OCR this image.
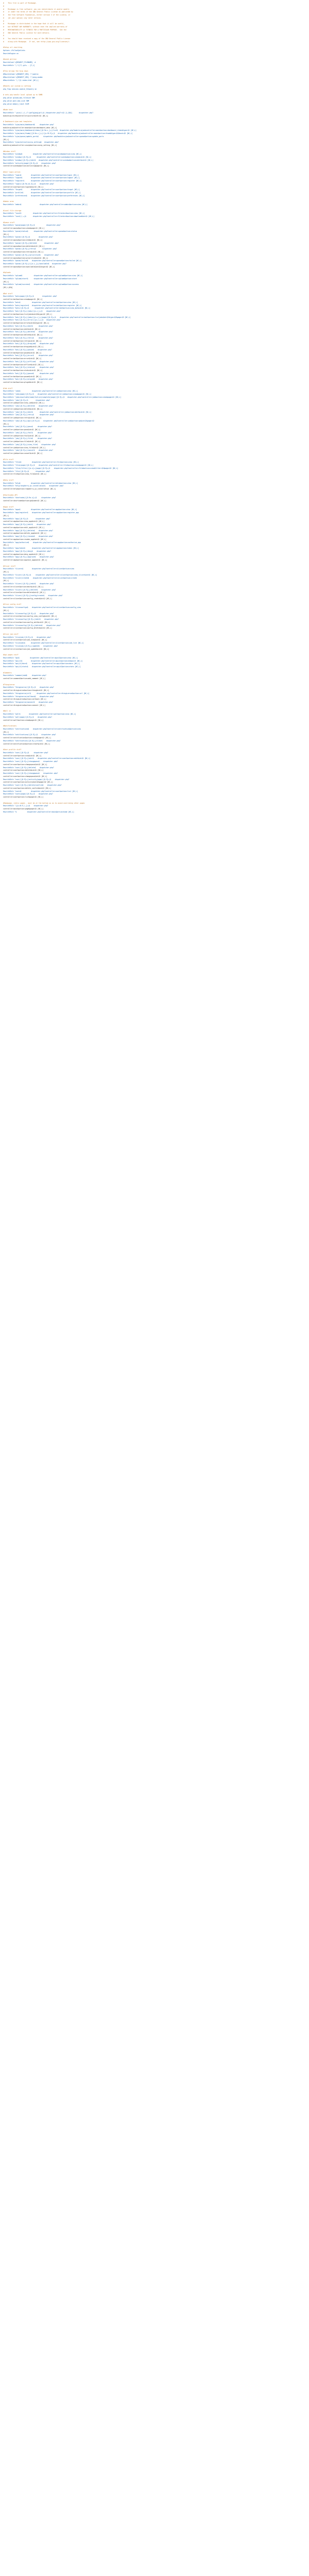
#    This file is part of Mindpage.
#
#    Mindpage is free software: you can redistribute it and/or modify
#    it under the terms of the GNU General Public License as published by
#    the Free Software Foundation, either version 3 of the License, or
#    (at your option) any later version.
#
#    Mindpage is distributed in the hope that it will be useful,
#    but WITHOUT ANY WARRANTY; without even the implied warranty of
#    MERCHANTABILITY or FITNESS FOR A PARTICULAR PURPOSE.  See the
#    GNU General Public License for more details.
#
#    You should have received a copy of the GNU General Public License
#    along with Mindpage.  If not, see <http://www.gnu.org/licenses/>.
#Setup url-rewriting
Options +FollowSymlinks
RewriteEngine on
#Avoid git/svn
RewriteCond %{REQUEST_FILENAME} -d
RewriteRule ^(.*/)?\.git+ - [F,L]
#This brings the Gzip down
#RewriteCond %{REQUEST_URI} !^/public
#RewriteCond %{REQUEST_URI} !^/ping-modem
#RewriteRule ^(.*)$ index.html [NC,L]
#Resets our custom ui setting
php_flag session.cookie_httponly on
# sets php handle local upload up to 50MB
php_value upload_max_filesize 50M
php_value post_max_size 50M
php_value memory_limit 512M
#Nuke host
RewriteRule ^.pics/(.+\.(?:jpe?g|png|gif))$ /dispatcher.php?r=$1 [L,QSA]       dispatcher.php?
module=picture&controller=picture&ret=$1 [NC,L]
# Dashboard ajax and templates
RewriteRule ^ajax/main/dashboard$     dispatcher.php?
module=ajax&controller=main&action=dashboard_data [NC,L]
RewriteRule ^ajax/main/dashboard/items/([0-9a-z_]+)/list$  dispatcher.php?module=ajax&controller=main&action=dashboard_items&type=$1 [NC,L]
RewriteRule ^ajax/main/thumb/([0-9a-z_]+)/([a-f0-9]+)$   dispatcher.php?module=ajax&controller=main&action=thumb&type=$1&hash=$2 [NC,L]
RewriteRule ^ajax/queue/update_ports$     dispatcher.php?module=ajax&controller=queue&action=update_ports
[NC,L]
RewriteRule ^ajax/extract/unzip_setting$   dispatcher.php?
module=ajax&controller=unzip&action=unzip_setting [NC,L]
#Window stuff
RewriteRule ^window$           dispatcher.php?controller=window&action=view [NC,L]
RewriteRule ^window/([0-9]+)$      dispatcher.php?controller=window&action=view&id=$1 [NC,L]
RewriteRule ^window/([0-9]+)/edit$   dispatcher.php?controller=window&action=edit&id=$1 [NC,L]
RewriteRule ^activity/page/([0-9]+)$    dispatcher.php?
controller=window&action=activity&page=$1 [NC,L]
#User login action
RewriteRule ^login$          dispatcher.php?controller=user&action=login [NC,L]
RewriteRule ^logout$         dispatcher.php?controller=user&action=logout [NC,L]
RewriteRule ^register$       dispatcher.php?controller=user&action=register [NC,L]
RewriteRule ^login/([0-9a-zA-Z]+)$    dispatcher.php?
controller=user&action=login&key=$1 [NC,L]
RewriteRule ^forgot$         dispatcher.php?controller=user&action=forgot [NC,L]
RewriteRule ^profile$        dispatcher.php?controller=user&action=profile [NC,L]
RewriteRule ^preferences$    dispatcher.php?controller=user&action=preferences [NC,L]
#Admin area
RewriteRule ^admin$                   dispatcher.php?controller=admin&action=view [NC,L]
#Local file storage
RewriteRule ^local$            dispatcher.php?controller=filestore&action=view [NC,L]
RewriteRule ^local/(.+)$       dispatcher.php?controller=filestore&action=download&id=$1 [NC,L]
#Queue stuff
RewriteRule ^queue/page/([0-9]+)$            dispatcher.php?
controller=queue&action=view&page=$1 [NC,L]
RewriteRule ^queue/status$      dispatcher.php?controller=queue&action=status
[NC,L]
RewriteRule ^queue/([0-9]+)$         dispatcher.php?
controller=queue&action=item&id=$1 [NC,L]
RewriteRule ^queue/([0-9]+)/delete$        dispatcher.php?
controller=queue&action=delete&id=$1 [NC,L]
RewriteRule ^queue/([0-9]+)/retry$       dispatcher.php?
controller=queue&action=retry&id=$1 [NC,L]
RewriteRule ^queue/([0-9]+)/prioritize$    dispatcher.php?
controller=queue&action=prioritize&id=$1 [NC,L]
RewriteRule ^queue/failed$    dispatcher.php?controller=queue&action=failed [NC,L]
RewriteRule ^queue/([0-9]+)/([a-z_]+)/available$   dispatcher.php?
controller=queue&action=available&id=$1&type=$2 [NC,L]
#Uploads
RewriteRule ^upload$            dispatcher.php?controller=upload&action=view [NC,L]
RewriteRule ^upload/start$      dispatcher.php?controller=upload&action=start
[NC,L]
RewriteRule ^upload/success$    dispatcher.php?controller=upload&action=success
[NC,L,QSA]
#Bot stuff
RewriteRule ^bots/page/([0-9]+)$         dispatcher.php?
controller=bot&action=view&page=$1 [NC,L]
RewriteRule ^bots$            dispatcher.php?controller=bot&action=view [NC,L]
RewriteRule ^bots/register$   dispatcher.php?controller=bot&action=register [NC,L]
RewriteRule ^bots/([0-9]+)$      dispatcher.php?controller=bot&action=view_bot&id=$1 [NC,L]
RewriteRule ^bot/([0-9]+)/jobs/([a-z_]+)$    dispatcher.php?
controller=bot&action=listjobs&id=$1&type=$2 [NC,L]
RewriteRule ^bot/([0-9]+)/jobs/([a-z_]+)/page/([0-9]+)$    dispatcher.php?controller=bot&action=listjobs&id=$1&type=$2&page=$3 [NC,L]
RewriteRule ^bot/([0-9]+)/error/([a-z_]+)$   dispatcher.php?
controller=bot&action=error&id=$1&type=$2 [NC,L]
RewriteRule ^bot/([0-9]+)/edit$      dispatcher.php?
controller=bot&action=edit&id=$1 [NC,L]
RewriteRule ^bot/([0-9]+)/delete$    dispatcher.php?
controller=bot&action=delete&id=$1 [NC,L]
RewriteRule ^bot/([0-9]+)/retry$     dispatcher.php?
controller=bot&action=retry&id=$1 [NC,L]
RewriteRule ^bot/([0-9]+)/dropjob$    dispatcher.php?
controller=bot&action=dropjob&id=$1 [NC,L]
RewriteRule ^bot/([0-9]+)/pause$    dispatcher.php?
controller=bot&action=pause&id=$1 [NC,L]
RewriteRule ^bot/([0-9]+)/error$     dispatcher.php?
controller=bot&action=error&id=$1 [NC,L]
RewriteRule ^bot/([0-9]+)/offline$    dispatcher.php?
controller=bot&action=offline&id=$1 [NC,L]
RewriteRule ^bot/([0-9]+)/status$     dispatcher.php?
controller=bot&action=status&id=$1 [NC,L]
RewriteRule ^bot/([0-9]+)/pause$      dispatcher.php?
controller=bot&action=pause&id=$1 [NC,L]
RewriteRule ^bot/([0-9]+)/played$    dispatcher.php?
controller=bot&action=played&id=$1 [NC,L]
#Job stuff
RewriteRule ^jobs$            dispatcher.php?controller=job&action=view [NC,L]
RewriteRule ^jobs/page/([0-9]+)$    dispatcher.php?controller=job&action=view&page=$1 [NC,L]
RewriteRule ^jobs/available/name/failure/complete/page/([0-9]+)$   dispatcher.php?controller=job&action=view&page=$1 [NC,L]
RewriteRule ^job/([0-9]+)$        dispatcher.php?
controller=job&action=view_job&id=$1 [NC,L]
RewriteRule ^job/([0-9]+)/delete$    dispatcher.php?
controller=job&action=delete&id=$1 [NC,L]
RewriteRule ^job/([0-9]+)/edit$       dispatcher.php?controller=job&action=edit&id=$1 [NC,L]
RewriteRule ^job/([0-9]+)/retry$      dispatcher.php?
controller=job&action=retry&id=$1 [NC,L]
RewriteRule ^job/([0-9]+)/qa/([0-9]+)$    dispatcher.php?controller=job&action=qa&id=$1&page=$2
[NC,L]
RewriteRule ^job/([0-9]+)/pass$     dispatcher.php?
controller=job&action=pass&id=$1 [NC,L]
RewriteRule ^job/([0-9]+)/fail$     dispatcher.php?
controller=job&action=fail&id=$1 [NC,L]
RewriteRule ^job/([0-9]+)/file$     dispatcher.php?
controller=job&action=file&id=$1 [NC,L]
RewriteRule ^job/([0-9]+)/view_file$    dispatcher.php?
controller=job&action=view_file&id=$1 [NC,L]
RewriteRule ^job/([0-9]+)/cancel$    dispatcher.php?
controller=job&action=cancel&id=$1 [NC,L]
#File stuff
RewriteRule ^files$           dispatcher.php?controller=file&action=view [NC,L]
RewriteRule ^files/page/([0-9]+)$    dispatcher.php?controller=file&action=view&page=$1 [NC,L]
RewriteRule ^files/filter/([a-z]+)/page/([0-9]+)$    dispatcher.php?controller=file&action=view&filter=$1&page=$2 [NC,L]
RewriteRule ^file/([0-9]+)$       dispatcher.php?
controller=file&action=view_file&id=$1 [NC,L]
#Help stuff
RewriteRule ^help$           dispatcher.php?controller=help&action=view [NC,L]
RewriteRule ^help/raspberry-pi-installation$    dispatcher.php?
controller=help&action=raspberry_pi_installation [NC,L]
#Shortcodes API
RewriteRule ^shortcode/([0-9a-z]+)$     dispatcher.php?
controller=shortcode&action=go&code=$1 [NC,L]
#Apps stuff
RewriteRule ^apps$           dispatcher.php?controller=app&action=view [NC,L]
RewriteRule ^app/register$    dispatcher.php?controller=app&action=register_app
[NC,L]
RewriteRule ^app/([0-9]+)$        dispatcher.php?
controller=app&action=view_app&id=$1 [NC,L]
RewriteRule ^app/([0-9]+)/edit$    dispatcher.php?
controller=app&action=edit_app&id=$1 [NC,L]
RewriteRule ^app/([0-9]+)/delete$    dispatcher.php?
controller=app&action=delete_app&id=$1 [NC,L]
RewriteRule ^app/([0-9]+)/revoke$    dispatcher.php?
controller=app&action=revoke_app&id=$1 [NC,L]
RewriteRule ^app/authorize$    dispatcher.php?controller=app&action=authorize_app
[NC,L]
RewriteRule ^app/token$       dispatcher.php?controller=app&action=token [NC,L]
RewriteRule ^app/([0-9]+)/deny$    dispatcher.php?
controller=app&action=deny_app&id=$1 [NC,L]
RewriteRule ^app/([0-9]+)/approve$    dispatcher.php?
controller=app&action=approve_app&id=$1 [NC,L]
#Slicer stuff
RewriteRule ^slicers$         dispatcher.php?controller=slicer&action=view
[NC,L]
RewriteRule ^slicer/([0-9]+)$     dispatcher.php?controller=slicer&action=view_slicer&id=$1 [NC,L]
RewriteRule ^slicer/create$    dispatcher.php?controller=slicer&action=create
[NC,L]
RewriteRule ^slicer/([0-9]+)/edit$    dispatcher.php?
controller=slicer&action=edit&id=$1 [NC,L]
RewriteRule ^slicer/([0-9]+)/delete$    dispatcher.php?
controller=slicer&action=delete&id=$1 [NC,L]
RewriteRule ^slicer/([0-9]+)/config/create$    dispatcher.php?
controller=slicer&action=config_create&id=$1 [NC,L]
#Slice config stuff
RewriteRule ^sliceconfigs$    dispatcher.php?controller=slicer&action=config_view
[NC,L]
RewriteRule ^sliceconfig/([0-9]+)$    dispatcher.php?
controller=slicer&action=config_view_config&id=$1 [NC,L]
RewriteRule ^sliceconfig/([0-9]+)/edit$    dispatcher.php?
controller=slicer&action=config_edit&id=$1 [NC,L]
RewriteRule ^sliceconfig/([0-9]+)/delete$    dispatcher.php?
controller=slicer&action=config_delete&id=$1 [NC,L]
#Slice job stuff
RewriteRule ^slicejob/([0-9]+)$    dispatcher.php?
controller=slicer&action=job_view&id=$1 [NC,L]
RewriteRule ^slicejobs$      dispatcher.php?controller=slicer&action=job_list [NC,L]
RewriteRule ^slicejob/([0-9]+)/update$    dispatcher.php?
controller=slicer&action=job_update&id=$1 [NC,L]
#Api pages stuff
RewriteRule ^api$           dispatcher.php?controller=apiv1&action=view [NC,L]
RewriteRule ^api/v1$         dispatcher.php?controller=apiv1&action=endpoint [NC,L]
RewriteRule ^api/v1/docs$     dispatcher.php?controller=apiv1&action=docs [NC,L]
RewriteRule ^api/v1/stats$    dispatcher.php?controller=apiv1&action=stats [NC,L]
#Comments
RewriteRule ^comment/add$     dispatcher.php?
controller=comment&action=add_comment [NC,L]
#Thingiverse
RewriteRule ^thingiverse/([0-9]+)$    dispatcher.php?
controller=thingiverse&action=thing&id=$1 [NC,L]
RewriteRule ^thingiverse/url$      dispatcher.php?controller=thingiverse&action=url [NC,L]
RewriteRule ^thingiverse/callback$    dispatcher.php?
controller=thingiverse&action=callback [NC,L]
RewriteRule ^thingiverse/connect$    dispatcher.php?
controller=thingiverse&action=connect [NC,L]
#Wall in
RewriteRule ^wall$         dispatcher.php?controller=wall&action=view [NC,L]
RewriteRule ^wall/page/([0-9]+)$    dispatcher.php?
controller=wall&action=view&page=$1 [NC,L]
#Notifications
RewriteRule ^notifications$    dispatcher.php?controller=notification&action=view
[NC,L]
RewriteRule ^notifications/([0-9]+)$    dispatcher.php?
controller=notification&action=view&page=$1 [NC,L]
RewriteRule ^notification/([0-9]+)/clear$    dispatcher.php?
controller=notification&action=clear&id=$1 [NC,L]
#User profile stuff
RewriteRule ^user/([0-9]+)$     dispatcher.php?
controller=user&action=view&id=$1 [NC,L]
RewriteRule ^user/([0-9]+)/edit$    dispatcher.php?controller=user&action=edit&id=$1 [NC,L]
RewriteRule ^user/([0-9]+)/changepass$    dispatcher.php?
controller=user&action=changepass&id=$1 [NC,L]
RewriteRule ^user/([0-9]+)/delete$    dispatcher.php?
controller=user&action=delete&id=$1 [NC,L]
RewriteRule ^user/([0-9]+)/changepass$    dispatcher.php?
controller=user&action=changepass&id=$1 [NC,L]
RewriteRule ^user/([0-9]+)/activity/page/([0-9]+)$    dispatcher.php?
controller=user&action=activity&id=$1&page=$2 [NC,L]
RewriteRule ^user/([0-9]+)/delete/confirm$    dispatcher.php?
controller=user&action=delete_confirm&id=$1 [NC,L]
RewriteRule ^users$          dispatcher.php?controller=user&action=list [NC,L]
RewriteRule ^users/page/([0-9]+)$    dispatcher.php?
controller=user&action=list&page=$1 [NC,L]
#Homepage, static pages - must be at the bottom so as to avoid overriding other pages
RewriteRule ^([a-z0-9_\-]+)$    dispatcher.php?
controller=main&action=page&page=$1 [NC,L]
RewriteRule ^$           dispatcher.php?controller=main&action=home [NC,L]
